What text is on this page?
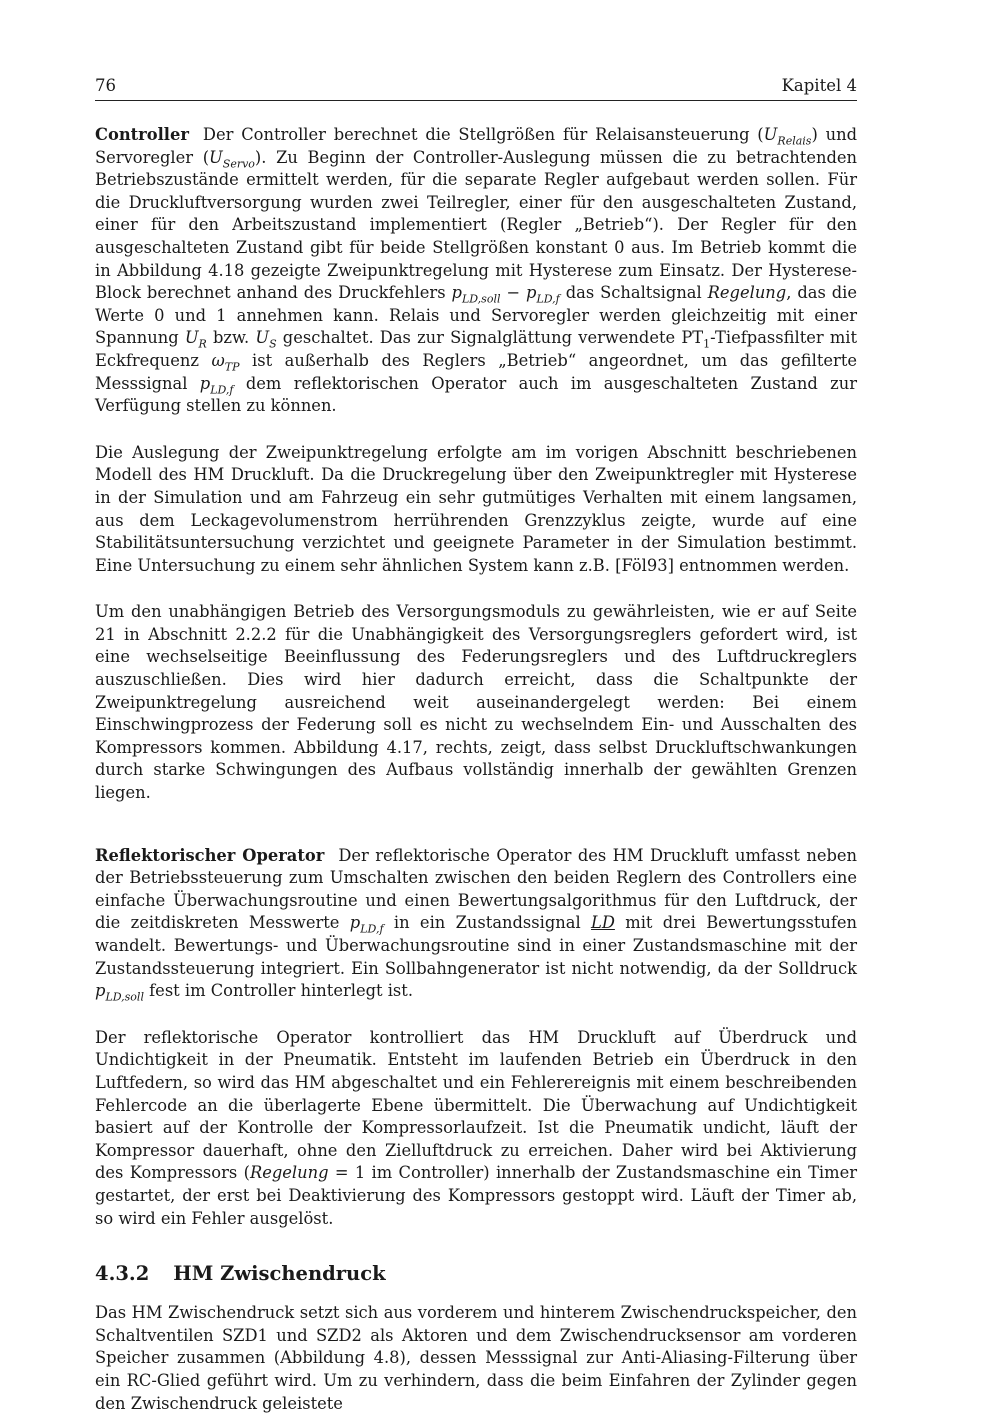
76	Kapitel 4

Controller Der Controller berechnet die Stellgrößen für Relaisansteuerung $(U_{Relais})$ und Servoregler $(U_{Servo})$. Zu Beginn der Controller-Auslegung müssen die zu betrachtenden Betriebszustände ermittelt werden, für die separate Regler aufgebaut werden sollen. Für die Druckluftversorgung wurden zwei Teilregler, einer für den ausgeschalteten Zustand, einer für den Arbeitszustand implementiert (Regler „Betrieb“). Der Regler für den ausgeschalteten Zustand gibt für beide Stellgrößen konstant 0 aus. Im Betrieb kommt die in Abbildung 4.18 gezeigte Zweipunktregelung mit Hysterese zum Einsatz. Der Hysterese-Block berechnet anhand des Druckfehlers $p_{LD,soll} - p_{LD,f}$ das Schaltsignal Regelung, das die Werte 0 und 1 annehmen kann. Relais und Servoregler werden gleichzeitig mit einer Spannung $U_R$ bzw. $U_S$ geschaltet. Das zur Signalglättung verwendete $PT_1$-Tiefpassfilter mit Eckfrequenz $\omega_{TP}$ ist außerhalb des Reglers „Betrieb“ angeordnet, um das gefilterte Messsignal $p_{LD,f}$ dem reflektorischen Operator auch im ausgeschalteten Zustand zur Verfügung stellen zu können.

Die Auslegung der Zweipunktregelung erfolgte am im vorigen Abschnitt beschriebenen Modell des HM Druckluft. Da die Druckregelung über den Zweipunktregler mit Hysterese in der Simulation und am Fahrzeug ein sehr gutmütiges Verhalten mit einem langsamen, aus dem Leckagevolumenstrom herrührenden Grenzzyklus zeigte, wurde auf eine Stabilitätsuntersuchung verzichtet und geeignete Parameter in der Simulation bestimmt. Eine Untersuchung zu einem sehr ähnlichen System kann z.B. [Föl93] entnommen werden.

Um den unabhängigen Betrieb des Versorgungsmoduls zu gewährleisten, wie er auf Seite 21 in Abschnitt 2.2.2 für die Unabhängigkeit des Versorgungsreglers gefordert wird, ist eine wechselseitige Beeinflussung des Federungsreglers und des Luftdruckreglers auszuschließen. Dies wird hier dadurch erreicht, dass die Schaltpunkte der Zweipunktregelung ausreichend weit auseinandergelegt werden: Bei einem Einschwingprozess der Federung soll es nicht zu wechselndem Ein- und Ausschalten des Kompressors kommen. Abbildung 4.17, rechts, zeigt, dass selbst Druckluftschwankungen durch starke Schwingungen des Aufbaus vollständig innerhalb der gewählten Grenzen liegen.

Reflektorischer Operator Der reflektorische Operator des HM Druckluft umfasst neben der Betriebssteuerung zum Umschalten zwischen den beiden Reglern des Controllers eine einfache Überwachungsroutine und einen Bewertungsalgorithmus für den Luftdruck, der die zeitdiskreten Messwerte $p_{LD,f}$ in ein Zustandssignal LD mit drei Bewertungsstufen wandelt. Bewertungs- und Überwachungsroutine sind in einer Zustandsmaschine mit der Zustandssteuerung integriert. Ein Sollbahngenerator ist nicht notwendig, da der Solldruck $p_{LD,soll}$ fest im Controller hinterlegt ist.

Der reflektorische Operator kontrolliert das HM Druckluft auf Überdruck und Undichtigkeit in der Pneumatik. Entsteht im laufenden Betrieb ein Überdruck in den Luftfedern, so wird das HM abgeschaltet und ein Fehlerereignis mit einem beschreibenden Fehlercode an die überlagerte Ebene übermittelt. Die Überwachung auf Undichtigkeit basiert auf der Kontrolle der Kompressorlaufzeit. Ist die Pneumatik undicht, läuft der Kompressor dauerhaft, ohne den Zielluftdruck zu erreichen. Daher wird bei Aktivierung des Kompressors (Regelung = 1 im Controller) innerhalb der Zustandsmaschine ein Timer gestartet, der erst bei Deaktivierung des Kompressors gestoppt wird. Läuft der Timer ab, so wird ein Fehler ausgelöst.

4.3.2 HM Zwischendruck

Das HM Zwischendruck setzt sich aus vorderem und hinterem Zwischendruckspeicher, den Schaltventilen SZD1 und SZD2 als Aktoren und dem Zwischendrucksensor am vorderen Speicher zusammen (Abbildung 4.8), dessen Messsignal zur Anti-Aliasing-Filterung über ein RC-Glied geführt wird. Um zu verhindern, dass die beim Einfahren der Zylinder gegen den Zwischendruck geleistete
